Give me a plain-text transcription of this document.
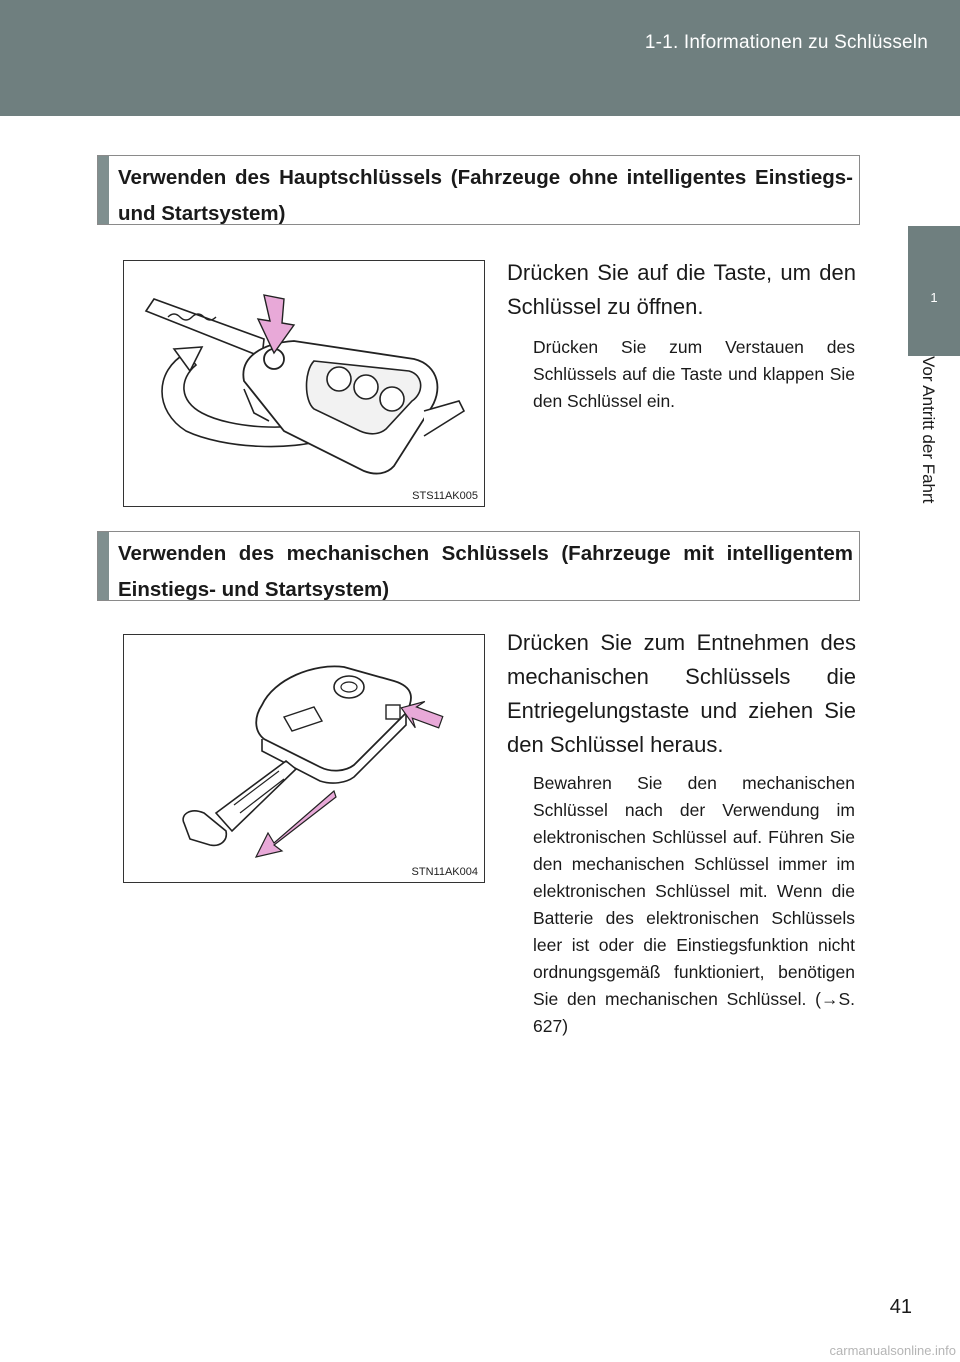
1-1. Informationen zu Schlüsseln
1
Vor Antritt der Fahrt
Verwenden des Hauptschlüssels (Fahrzeuge ohne intelligentes Einstiegs- und Startsystem)
STS11AK005
Drücken Sie auf die Taste, um den Schlüssel zu öffnen.
Drücken Sie zum Verstauen des Schlüssels auf die Taste und klappen Sie den Schlüssel ein.
Verwenden des mechanischen Schlüssels (Fahrzeuge mit intelligentem Einstiegs- und Startsystem)
STN11AK004
Drücken Sie zum Entnehmen des mechanischen Schlüssels die Entriegelungstaste und ziehen Sie den Schlüssel heraus.
Bewahren Sie den mechanischen Schlüssel nach der Verwendung im elektronischen Schlüssel auf. Führen Sie den mechanischen Schlüssel immer im elektronischen Schlüssel mit. Wenn die Batterie des elektronischen Schlüssels leer ist oder die Einstiegsfunktion nicht ordnungsgemäß funktioniert, benötigen Sie den mechanischen Schlüssel. (→S. 627)
41
carmanualsonline.info
